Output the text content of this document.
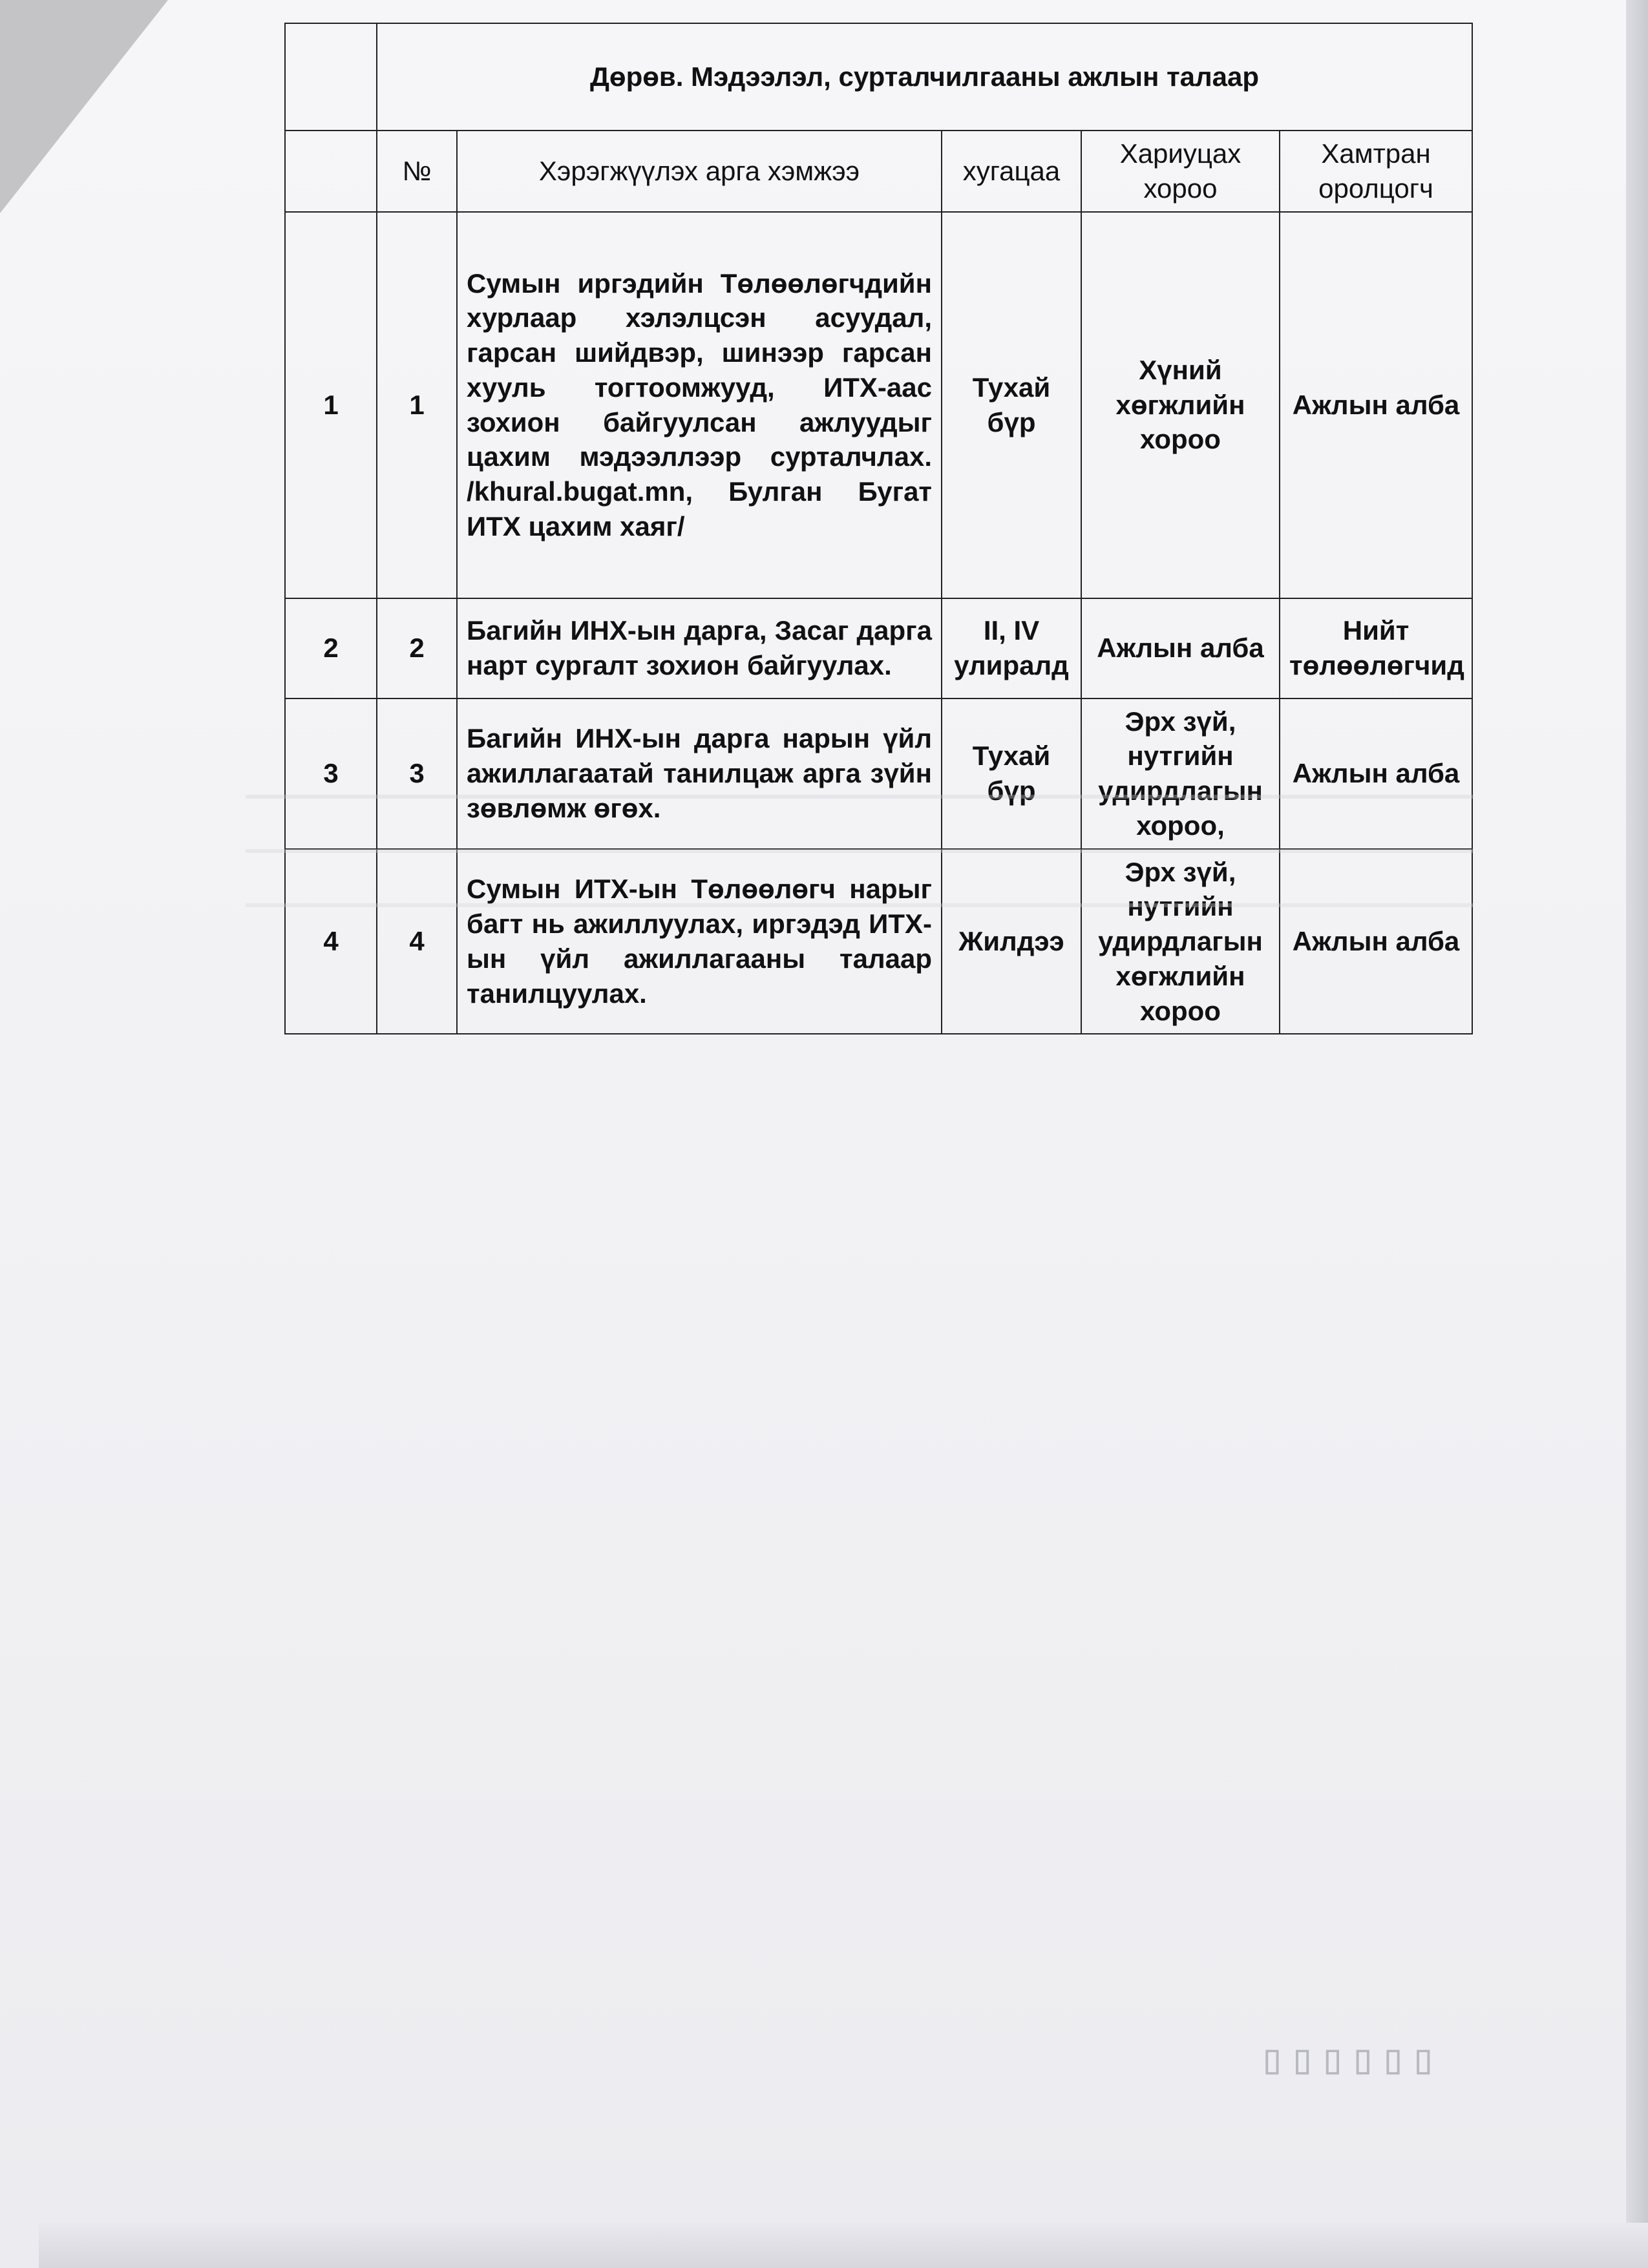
	Дөрөв. Мэдээлэл, сурталчилгааны ажлын талаар				
	№	Хэрэгжүүлэх арга хэмжээ	хугацаа	Хариуцах хороо	Хамтран оролцогч
1	1	Сумын иргэдийн Төлөөлөгчдийн хурлаар хэлэлцсэн асуудал, гарсан шийдвэр, шинээр гарсан хууль тогтоомжууд, ИТХ-аас зохион байгуулсан ажлуудыг цахим мэдээллээр сурталчлах. /khural.bugat.mn, Булган Бугат ИТХ цахим хаяг/	Тухай бүр	Хүний хөгжлийн хороо	Ажлын алба
2	2	Багийн ИНХ-ын дарга, Засаг дарга нарт сургалт зохион байгуулах.	II, IV улиралд	Ажлын алба	Нийт төлөөлөгчид
3	3	Багийн ИНХ-ын дарга нарын үйл ажиллагаатай танилцаж арга зүйн зөвлөмж өгөх.	Тухай бүр	Эрх зүй, нутгийн удирдлагын хороо,	Ажлын алба
4	4	Сумын ИТХ-ын Төлөөлөгч нарыг багт нь ажиллуулах, иргэдэд ИТХ-ын үйл ажиллагааны талаар танилцуулах.	Жилдээ	Эрх зүй, нутгийн удирдлагын хөгжлийн хороо	Ажлын алба
▯▯▯▯▯▯
